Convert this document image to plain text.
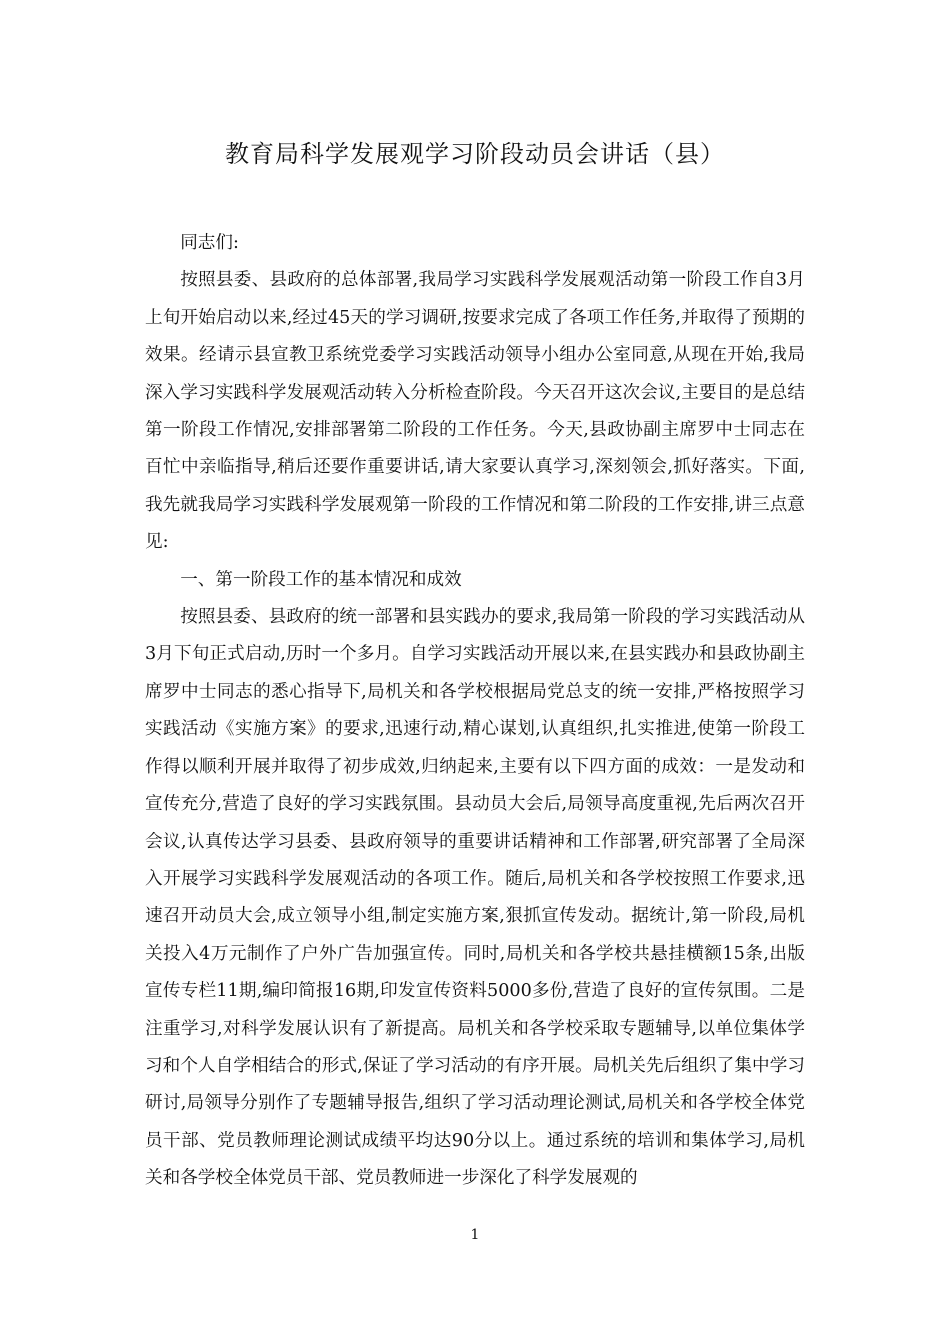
教育局科学发展观学习阶段动员会讲话（县）

同志们:

按照县委、县政府的总体部署,我局学习实践科学发展观活动第一阶段工作自3月上旬开始启动以来,经过45天的学习调研,按要求完成了各项工作任务,并取得了预期的效果。经请示县宣教卫系统党委学习实践活动领导小组办公室同意,从现在开始,我局深入学习实践科学发展观活动转入分析检查阶段。今天召开这次会议,主要目的是总结第一阶段工作情况,安排部署第二阶段的工作任务。今天,县政协副主席罗中士同志在百忙中亲临指导,稍后还要作重要讲话,请大家要认真学习,深刻领会,抓好落实。下面,我先就我局学习实践科学发展观第一阶段的工作情况和第二阶段的工作安排,讲三点意见:

一、第一阶段工作的基本情况和成效

按照县委、县政府的统一部署和县实践办的要求,我局第一阶段的学习实践活动从3月下旬正式启动,历时一个多月。自学习实践活动开展以来,在县实践办和县政协副主席罗中士同志的悉心指导下,局机关和各学校根据局党总支的统一安排,严格按照学习实践活动《实施方案》的要求,迅速行动,精心谋划,认真组织,扎实推进,使第一阶段工作得以顺利开展并取得了初步成效,归纳起来,主要有以下四方面的成效：一是发动和宣传充分,营造了良好的学习实践氛围。县动员大会后,局领导高度重视,先后两次召开会议,认真传达学习县委、县政府领导的重要讲话精神和工作部署,研究部署了全局深入开展学习实践科学发展观活动的各项工作。随后,局机关和各学校按照工作要求,迅速召开动员大会,成立领导小组,制定实施方案,狠抓宣传发动。据统计,第一阶段,局机关投入4万元制作了户外广告加强宣传。同时,局机关和各学校共悬挂横额15条,出版宣传专栏11期,编印简报16期,印发宣传资料5000多份,营造了良好的宣传氛围。二是注重学习,对科学发展认识有了新提高。局机关和各学校采取专题辅导,以单位集体学习和个人自学相结合的形式,保证了学习活动的有序开展。局机关先后组织了集中学习研讨,局领导分别作了专题辅导报告,组织了学习活动理论测试,局机关和各学校全体党员干部、党员教师理论测试成绩平均达90分以上。通过系统的培训和集体学习,局机关和各学校全体党员干部、党员教师进一步深化了科学发展观的

1
